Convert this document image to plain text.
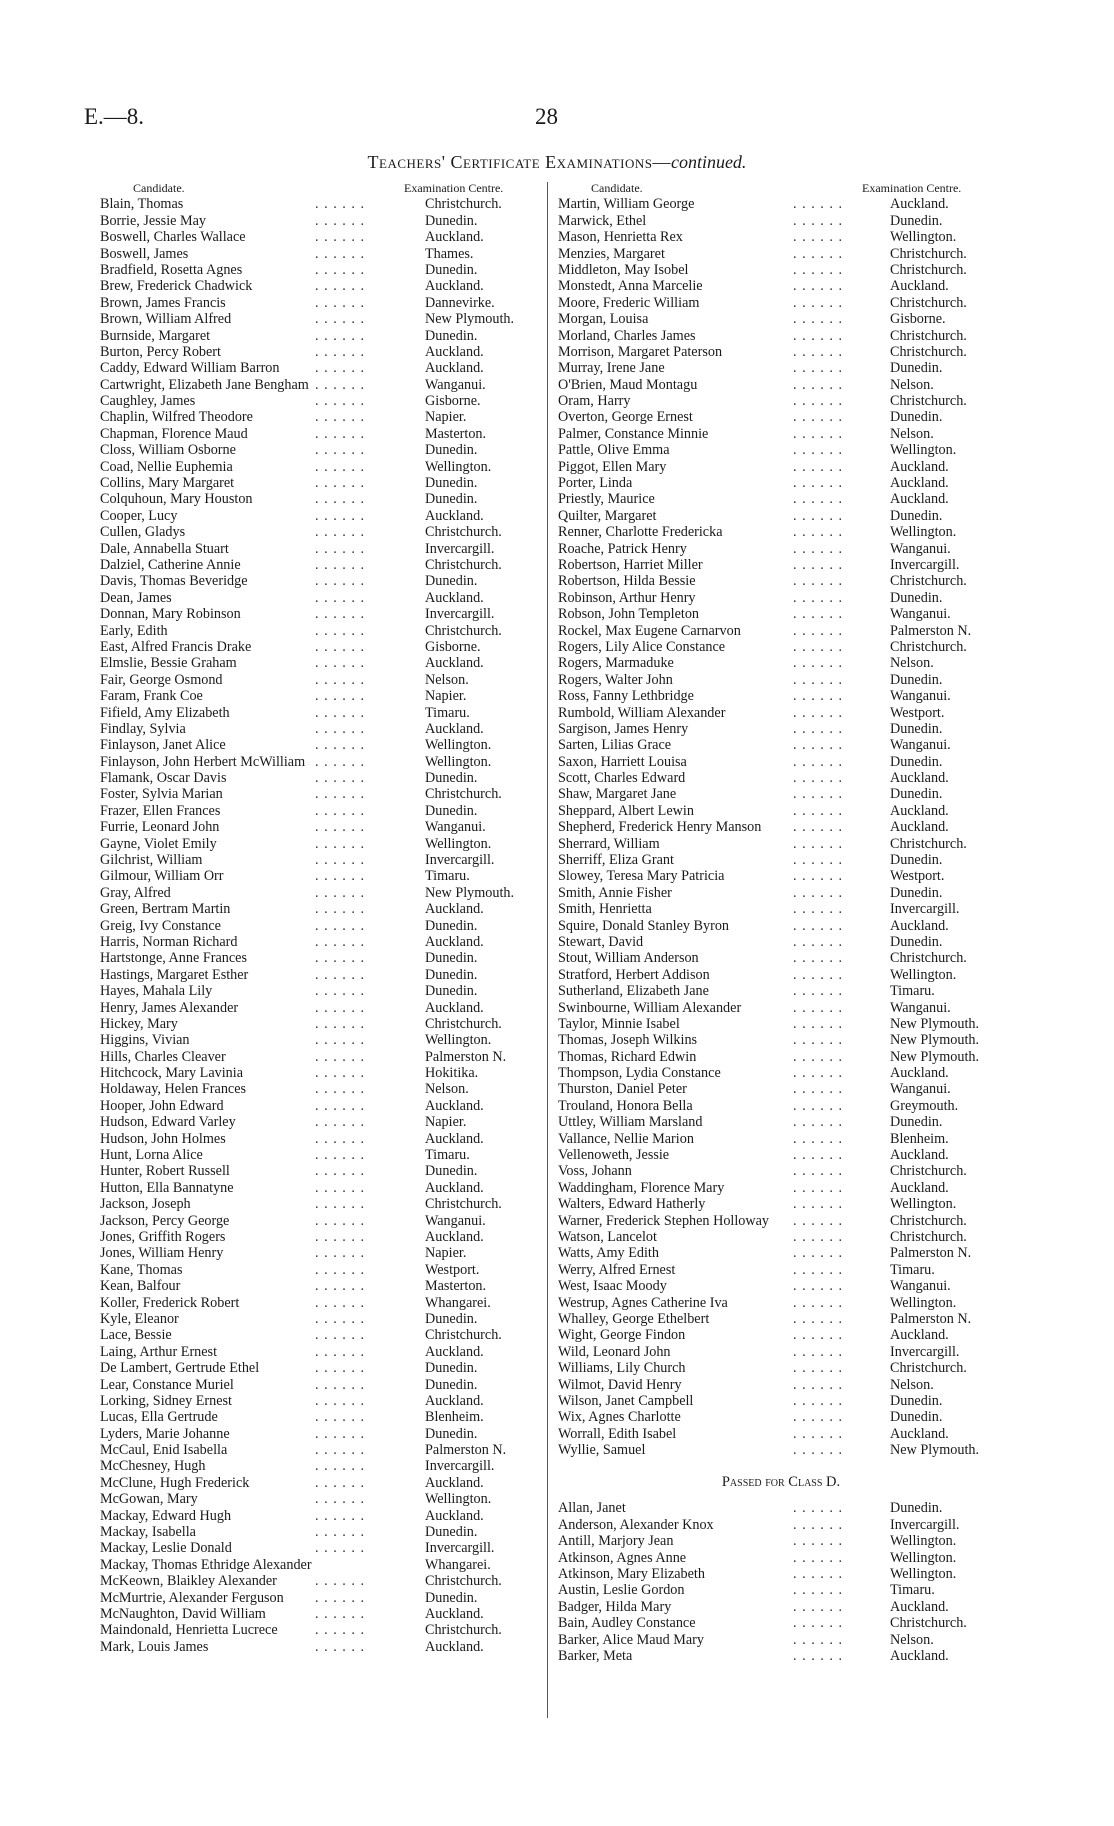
E.—8.	28
Teachers' Certificate Examinations—continued.
Candidate.	Examination Centre.
Blain, Thomas	. . . . . .	Christchurch.
Borrie, Jessie May	. . . . . .	Dunedin.
Boswell, Charles Wallace	. . . . . .	Auckland.
Boswell, James	. . . . . .	Thames.
Bradfield, Rosetta Agnes	. . . . . .	Dunedin.
Brew, Frederick Chadwick	. . . . . .	Auckland.
Brown, James Francis	. . . . . .	Dannevirke.
Brown, William Alfred	. . . . . .	New Plymouth.
Burnside, Margaret	. . . . . .	Dunedin.
Burton, Percy Robert	. . . . . .	Auckland.
Caddy, Edward William Barron	. . . . . .	Auckland.
Cartwright, Elizabeth Jane Bengham . . . . . .	Wanganui.
Caughley, James	. . . . . .	Gisborne.
Chaplin, Wilfred Theodore	. . . . . .	Napier.
Chapman, Florence Maud	. . . . . .	Masterton.
Closs, William Osborne	. . . . . .	Dunedin.
Coad, Nellie Euphemia	. . . . . .	Wellington.
Collins, Mary Margaret	. . . . . .	Dunedin.
Colquhoun, Mary Houston	. . . . . .	Dunedin.
Cooper, Lucy	. . . . . .	Auckland.
Cullen, Gladys	. . . . . .	Christchurch.
Dale, Annabella Stuart	. . . . . .	Invercargill.
Dalziel, Catherine Annie	. . . . . .	Christchurch.
Davis, Thomas Beveridge	. . . . . .	Dunedin.
Dean, James	. . . . . .	Auckland.
Donnan, Mary Robinson	. . . . . .	Invercargill.
Early, Edith	. . . . . .	Christchurch.
East, Alfred Francis Drake	. . . . . .	Gisborne.
Elmslie, Bessie Graham	. . . . . .	Auckland.
Fair, George Osmond	. . . . . .	Nelson.
Faram, Frank Coe	. . . . . .	Napier.
Fifield, Amy Elizabeth	. . . . . .	Timaru.
Findlay, Sylvia	. . . . . .	Auckland.
Finlayson, Janet Alice	. . . . . .	Wellington.
Finlayson, John Herbert McWilliam . . . . . .	Wellington.
Flamank, Oscar Davis	. . . . . .	Dunedin.
Foster, Sylvia Marian	. . . . . .	Christchurch.
Frazer, Ellen Frances	. . . . . .	Dunedin.
Furrie, Leonard John	. . . . . .	Wanganui.
Gayne, Violet Emily	. . . . . .	Wellington.
Gilchrist, William	. . . . . .	Invercargill.
Gilmour, William Orr	. . . . . .	Timaru.
Gray, Alfred	. . . . . .	New Plymouth.
Green, Bertram Martin	. . . . . .	Auckland.
Greig, Ivy Constance	. . . . . .	Dunedin.
Harris, Norman Richard	. . . . . .	Auckland.
Hartstonge, Anne Frances	. . . . . .	Dunedin.
Hastings, Margaret Esther	. . . . . .	Dunedin.
Hayes, Mahala Lily	. . . . . .	Dunedin.
Henry, James Alexander	. . . . . .	Auckland.
Hickey, Mary	. . . . . .	Christchurch.
Higgins, Vivian	. . . . . .	Wellington.
Hills, Charles Cleaver	. . . . . .	Palmerston N.
Hitchcock, Mary Lavinia	. . . . . .	Hokitika.
Holdaway, Helen Frances	. . . . . .	Nelson.
Hooper, John Edward	. . . . . .	Auckland.
Hudson, Edward Varley	. . . . . .	Napier.
Hudson, John Holmes	. . . . . .	Auckland.
Hunt, Lorna Alice	. . . . . .	Timaru.
Hunter, Robert Russell	. . . . . .	Dunedin.
Hutton, Ella Bannatyne	. . . . . .	Auckland.
Jackson, Joseph	. . . . . .	Christchurch.
Jackson, Percy George	. . . . . .	Wanganui.
Jones, Griffith Rogers	. . . . . .	Auckland.
Jones, William Henry	. . . . . .	Napier.
Kane, Thomas	. . . . . .	Westport.
Kean, Balfour	. . . . . .	Masterton.
Koller, Frederick Robert	. . . . . .	Whangarei.
Kyle, Eleanor	. . . . . .	Dunedin.
Lace, Bessie	. . . . . .	Christchurch.
Laing, Arthur Ernest	. . . . . .	Auckland.
De Lambert, Gertrude Ethel	. . . . . .	Dunedin.
Lear, Constance Muriel	. . . . . .	Dunedin.
Lorking, Sidney Ernest	. . . . . .	Auckland.
Lucas, Ella Gertrude	. . . . . .	Blenheim.
Lyders, Marie Johanne	. . . . . .	Dunedin.
McCaul, Enid Isabella	. . . . . .	Palmerston N.
McChesney, Hugh	. . . . . .	Invercargill.
McClune, Hugh Frederick	. . . . . .	Auckland.
McGowan, Mary	. . . . . .	Wellington.
Mackay, Edward Hugh	. . . . . .	Auckland.
Mackay, Isabella	. . . . . .	Dunedin.
Mackay, Leslie Donald	. . . . . .	Invercargill.
Mackay, Thomas Ethridge Alexander	Whangarei.
McKeown, Blaikley Alexander	. . . . . .	Christchurch.
McMurtrie, Alexander Ferguson . . . . . .	Dunedin.
McNaughton, David William	. . . . . .	Auckland.
Maindonald, Henrietta Lucrece	. . . . . .	Christchurch.
Mark, Louis James	. . . . . .	Auckland.
Candidate.	Examination Centre.
Martin, William George	. . . . . .	Auckland.
Marwick, Ethel	. . . . . .	Dunedin.
Mason, Henrietta Rex	. . . . . .	Wellington.
Menzies, Margaret	. . . . . .	Christchurch.
Middleton, May Isobel	. . . . . .	Christchurch.
Monstedt, Anna Marcelie	. . . . . .	Auckland.
Moore, Frederic William	. . . . . .	Christchurch.
Morgan, Louisa	. . . . . .	Gisborne.
Morland, Charles James	. . . . . .	Christchurch.
Morrison, Margaret Paterson	. . . . . .	Christchurch.
Murray, Irene Jane	. . . . . .	Dunedin.
O'Brien, Maud Montagu	. . . . . .	Nelson.
Oram, Harry	. . . . . .	Christchurch.
Overton, George Ernest	. . . . . .	Dunedin.
Palmer, Constance Minnie	. . . . . .	Nelson.
Pattle, Olive Emma	. . . . . .	Wellington.
Piggot, Ellen Mary	. . . . . .	Auckland.
Porter, Linda	. . . . . .	Auckland.
Priestly, Maurice	. . . . . .	Auckland.
Quilter, Margaret	. . . . . .	Dunedin.
Renner, Charlotte Fredericka	. . . . . .	Wellington.
Roache, Patrick Henry	. . . . . .	Wanganui.
Robertson, Harriet Miller	. . . . . .	Invercargill.
Robertson, Hilda Bessie	. . . . . .	Christchurch.
Robinson, Arthur Henry	. . . . . .	Dunedin.
Robson, John Templeton	. . . . . .	Wanganui.
Rockel, Max Eugene Carnarvon	. . . . . .	Palmerston N.
Rogers, Lily Alice Constance	. . . . . .	Christchurch.
Rogers, Marmaduke	. . . . . .	Nelson.
Rogers, Walter John	. . . . . .	Dunedin.
Ross, Fanny Lethbridge	. . . . . .	Wanganui.
Rumbold, William Alexander	. . . . . .	Westport.
Sargison, James Henry	. . . . . .	Dunedin.
Sarten, Lilias Grace	. . . . . .	Wanganui.
Saxon, Harriett Louisa	. . . . . .	Dunedin.
Scott, Charles Edward	. . . . . .	Auckland.
Shaw, Margaret Jane	. . . . . .	Dunedin.
Sheppard, Albert Lewin	. . . . . .	Auckland.
Shepherd, Frederick Henry Manson . . . . . .	Auckland.
Sherrard, William	. . . . . .	Christchurch.
Sherriff, Eliza Grant	. . . . . .	Dunedin.
Slowey, Teresa Mary Patricia	. . . . . .	Westport.
Smith, Annie Fisher	. . . . . .	Dunedin.
Smith, Henrietta	. . . . . .	Invercargill.
Squire, Donald Stanley Byron	. . . . . .	Auckland.
Stewart, David	. . . . . .	Dunedin.
Stout, William Anderson	. . . . . .	Christchurch.
Stratford, Herbert Addison	. . . . . .	Wellington.
Sutherland, Elizabeth Jane	. . . . . .	Timaru.
Swinbourne, William Alexander	. . . . . .	Wanganui.
Taylor, Minnie Isabel	. . . . . .	New Plymouth.
Thomas, Joseph Wilkins	. . . . . .	New Plymouth.
Thomas, Richard Edwin	. . . . . .	New Plymouth.
Thompson, Lydia Constance	. . . . . .	Auckland.
Thurston, Daniel Peter	. . . . . .	Wanganui.
Trouland, Honora Bella	. . . . . .	Greymouth.
Uttley, William Marsland	. . . . . .	Dunedin.
Vallance, Nellie Marion	. . . . . .	Blenheim.
Vellenoweth, Jessie	. . . . . .	Auckland.
Voss, Johann	. . . . . .	Christchurch.
Waddingham, Florence Mary	. . . . . .	Auckland.
Walters, Edward Hatherly	. . . . . .	Wellington.
Warner, Frederick Stephen Holloway . . . . . .	Christchurch.
Watson, Lancelot	. . . . . .	Christchurch.
Watts, Amy Edith	. . . . . .	Palmerston N.
Werry, Alfred Ernest	. . . . . .	Timaru.
West, Isaac Moody	. . . . . .	Wanganui.
Westrup, Agnes Catherine Iva	. . . . . .	Wellington.
Whalley, George Ethelbert	. . . . . .	Palmerston N.
Wight, George Findon	. . . . . .	Auckland.
Wild, Leonard John	. . . . . .	Invercargill.
Williams, Lily Church	. . . . . .	Christchurch.
Wilmot, David Henry	. . . . . .	Nelson.
Wilson, Janet Campbell	. . . . . .	Dunedin.
Wix, Agnes Charlotte	. . . . . .	Dunedin.
Worrall, Edith Isabel	. . . . . .	Auckland.
Wyllie, Samuel	. . . . . .	New Plymouth.
Passed for Class D.
Allan, Janet	. . . . . .	Dunedin.
Anderson, Alexander Knox	. . . . . .	Invercargill.
Antill, Marjory Jean	. . . . . .	Wellington.
Atkinson, Agnes Anne	. . . . . .	Wellington.
Atkinson, Mary Elizabeth	. . . . . .	Wellington.
Austin, Leslie Gordon	. . . . . .	Timaru.
Badger, Hilda Mary	. . . . . .	Auckland.
Bain, Audley Constance	. . . . . .	Christchurch.
Barker, Alice Maud Mary	. . . . . .	Nelson.
Barker, Meta	. . . . . .	Auckland.
